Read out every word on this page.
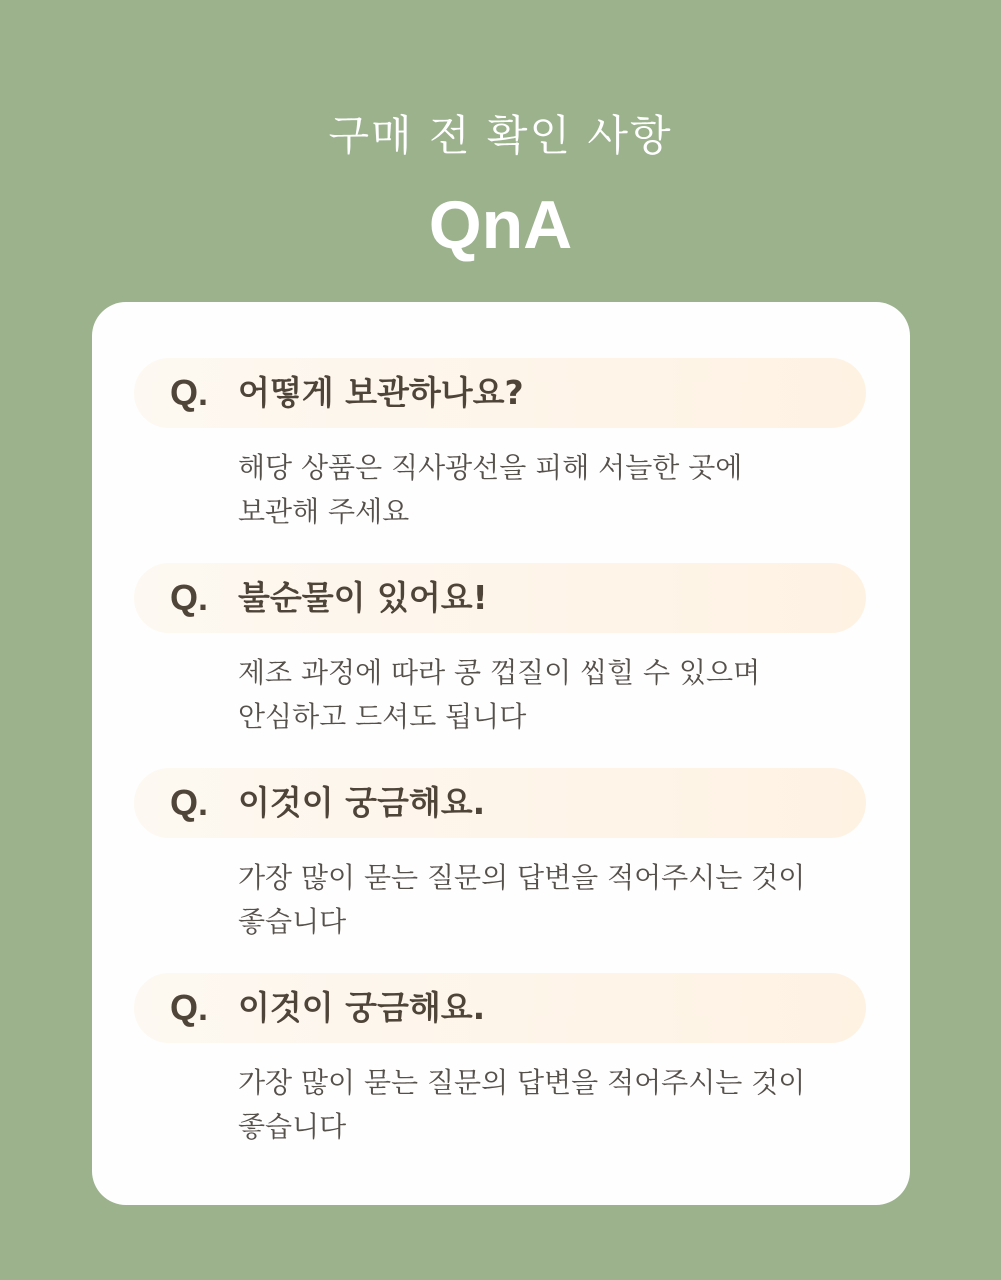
구매 전 확인 사항
QnA
Q. 어떻게 보관하나요?
해당 상품은 직사광선을 피해 서늘한 곳에
보관해 주세요
Q. 불순물이 있어요!
제조 과정에 따라 콩 껍질이 씹힐 수 있으며
안심하고 드셔도 됩니다
Q. 이것이 궁금해요.
가장 많이 묻는 질문의 답변을 적어주시는 것이
좋습니다
Q. 이것이 궁금해요.
가장 많이 묻는 질문의 답변을 적어주시는 것이
좋습니다
